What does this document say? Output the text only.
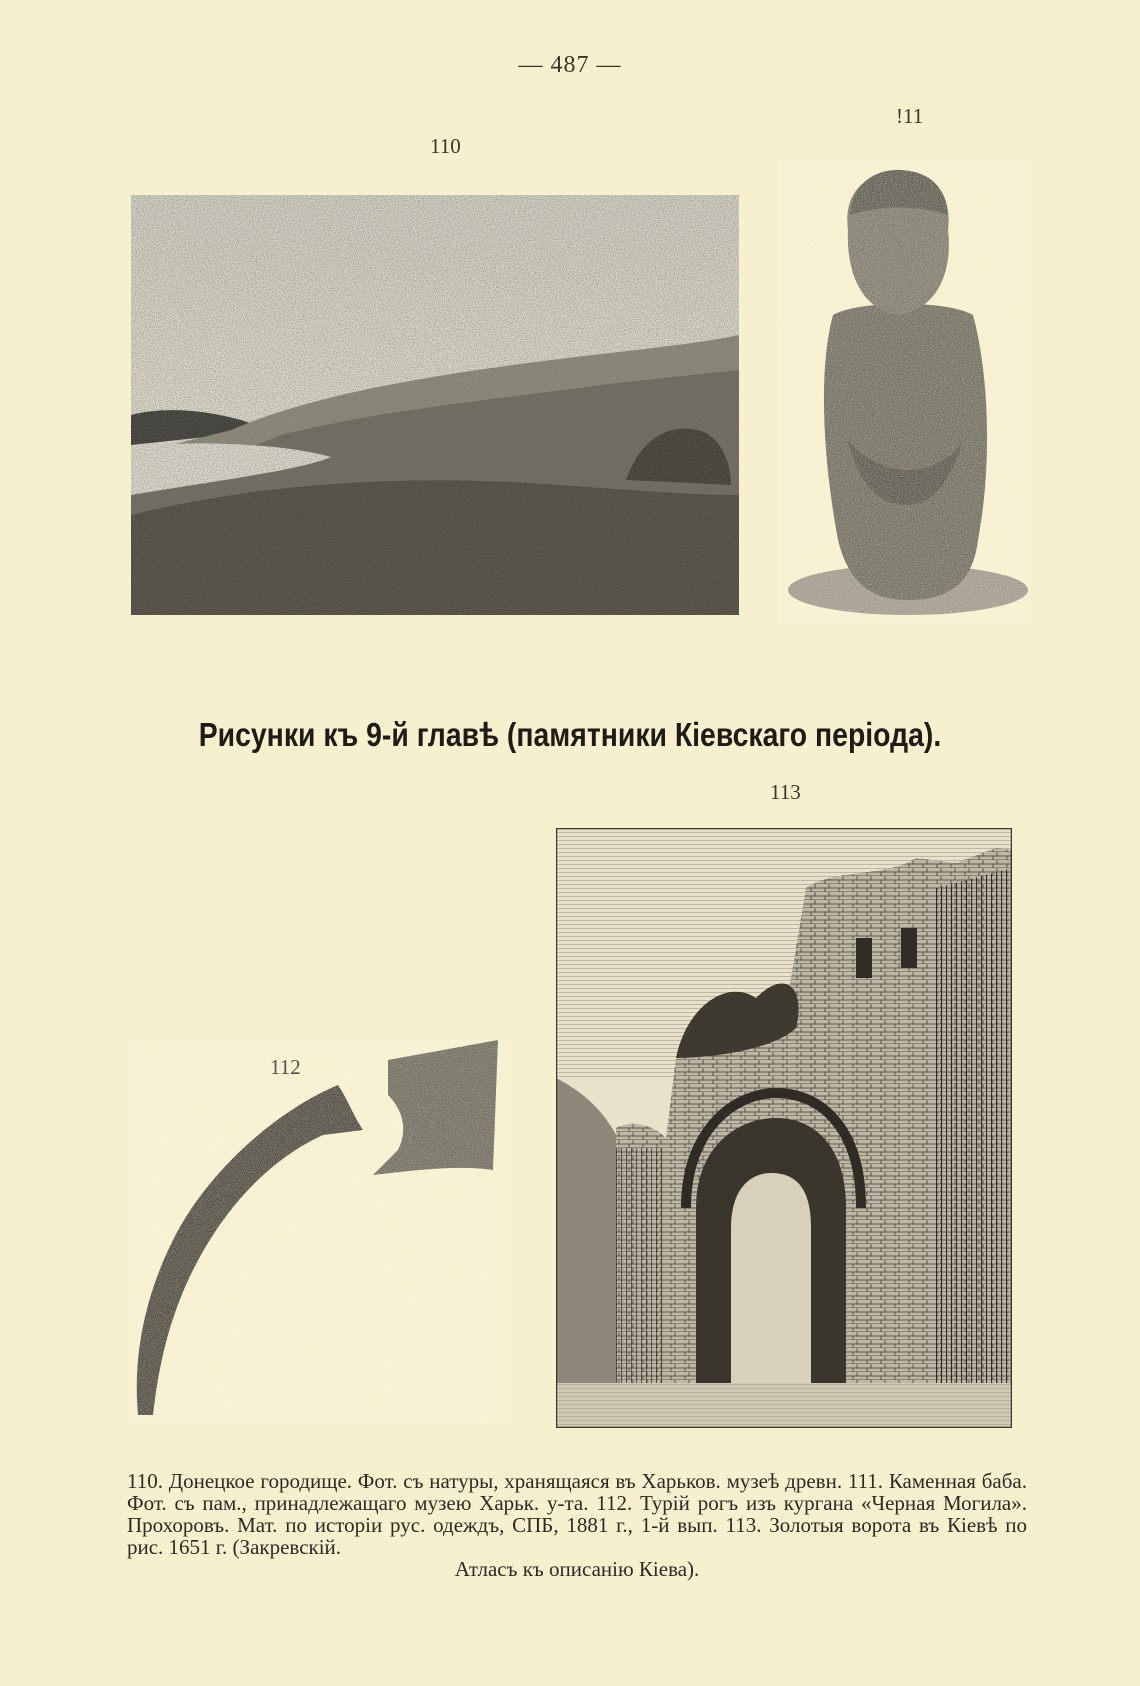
— 487 —
110
!11
Рисунки къ 9-й главѣ (памятники Кіевскаго періода).
113
110. Донецкое городище. Фот. съ натуры, хранящаяся въ Харьков. музеѣ древн. 111. Каменная баба. Фот. съ пам., принадлежащаго музею Харьк. у-та. 112. Турій рогъ изъ кургана «Черная Могила». Прохоровъ. Мат. по исторіи рус. одеждъ, СПБ, 1881 г., 1-й вып. 113. Золотыя ворота въ Кіевѣ по рис. 1651 г. (Закревскій.
Атласъ къ описанію Кіева).
